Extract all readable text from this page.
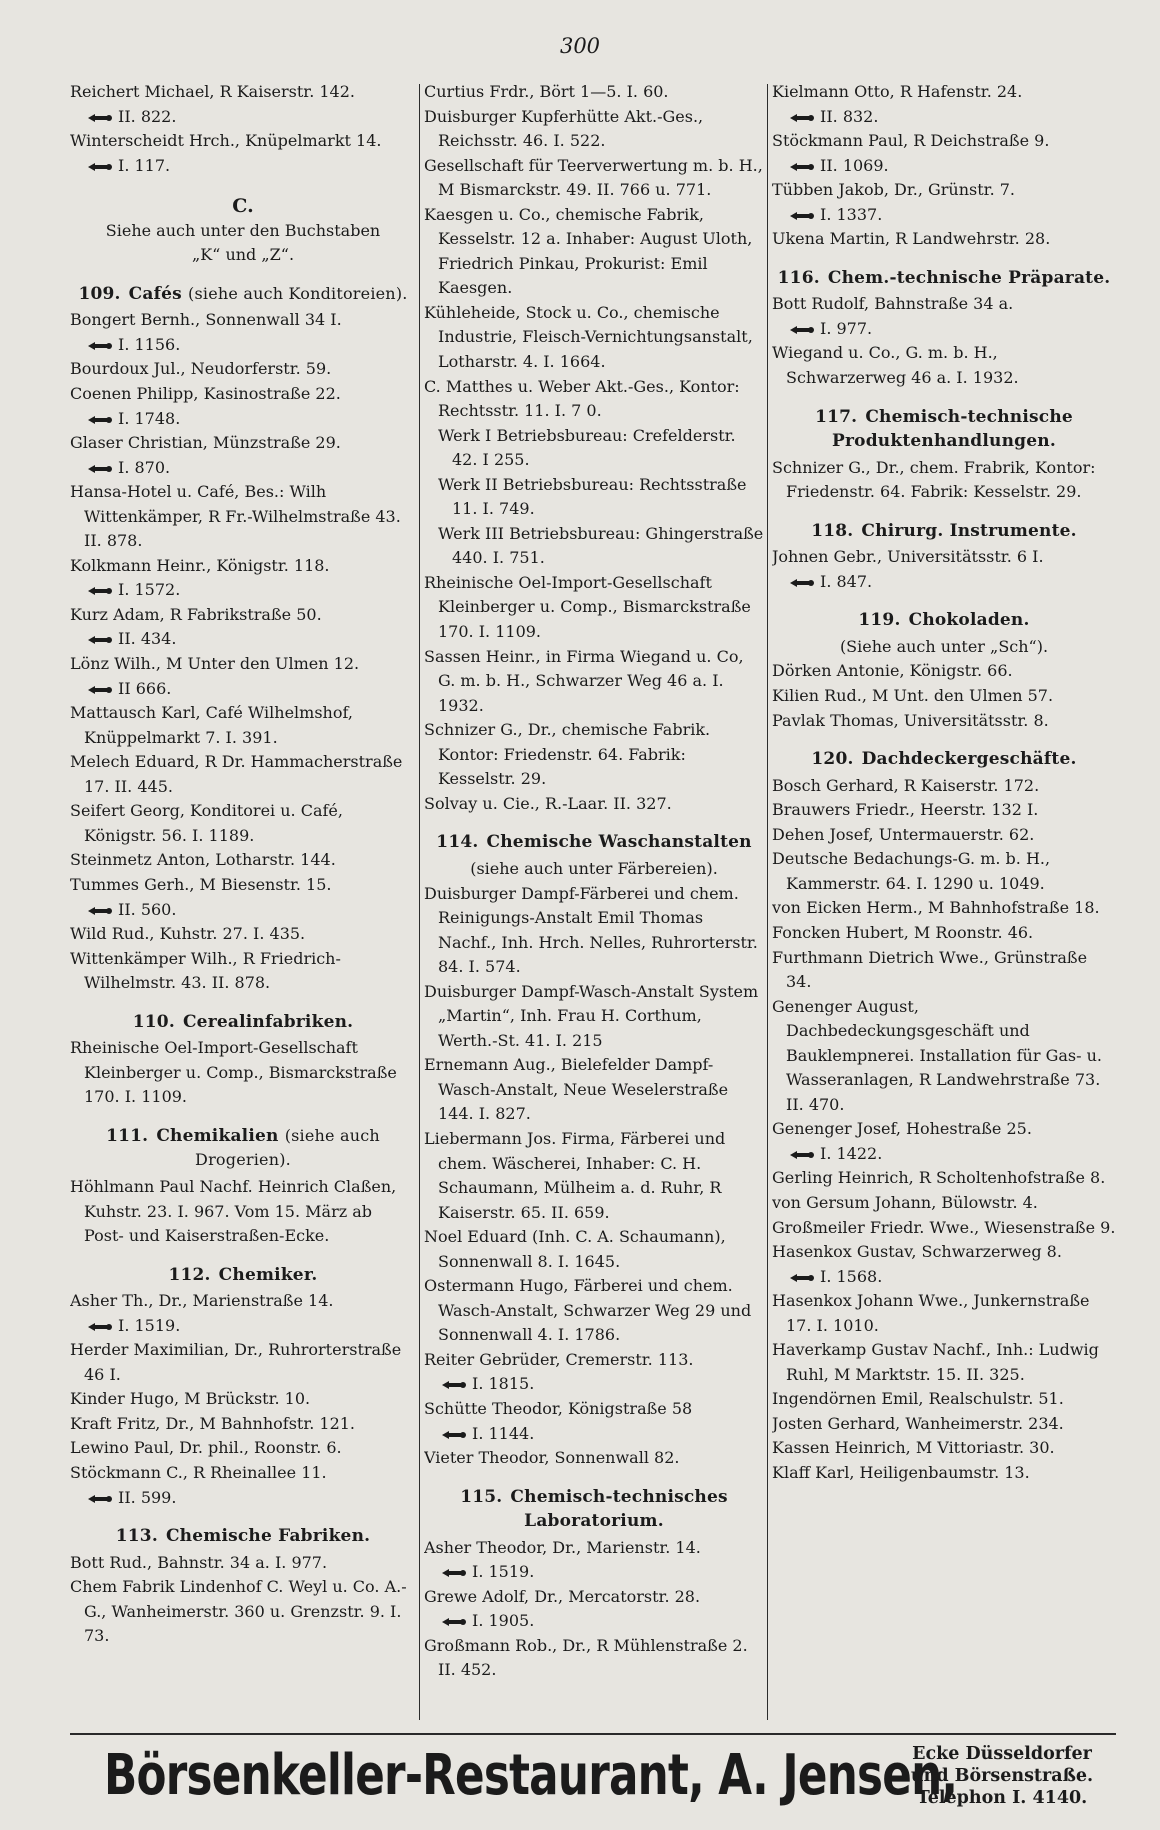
300

Reichert Michael, R Kaiserstr. 142.

II. 822.

Winterscheidt Hrch., Knüpelmarkt 14.

I. 117.

C.

Siehe auch unter den Buchstaben

„K“ und „Z“.

109. Cafés (siehe auch Konditoreien).

Bongert Bernh., Sonnenwall 34 I.

I. 1156.

Bourdoux Jul., Neudorferstr. 59.

Coenen Philipp, Kasinostraße 22.

I. 1748.

Glaser Christian, Münzstraße 29.

I. 870.

Hansa-Hotel u. Café, Bes.: Wilh Wittenkämper, R Fr.-Wilhelmstraße 43. II. 878.

Kolkmann Heinr., Königstr. 118.

I. 1572.

Kurz Adam, R Fabrikstraße 50.

II. 434.

Lönz Wilh., M Unter den Ulmen 12.

II 666.

Mattausch Karl, Café Wilhelmshof, Knüppelmarkt 7. I. 391.

Melech Eduard, R Dr. Hammacherstraße 17. II. 445.

Seifert Georg, Konditorei u. Café, Königstr. 56. I. 1189.

Steinmetz Anton, Lotharstr. 144.

Tummes Gerh., M Biesenstr. 15.

II. 560.

Wild Rud., Kuhstr. 27. I. 435.

Wittenkämper Wilh., R Friedrich-Wilhelmstr. 43. II. 878.

110. Cerealinfabriken.

Rheinische Oel-Import-Gesellschaft Kleinberger u. Comp., Bismarckstraße 170. I. 1109.

111. Chemikalien (siehe auch Drogerien).

Höhlmann Paul Nachf. Heinrich Claßen, Kuhstr. 23. I. 967. Vom 15. März ab Post- und Kaiserstraßen-Ecke.

112. Chemiker.

Asher Th., Dr., Marienstraße 14.

I. 1519.

Herder Maximilian, Dr., Ruhrorterstraße 46 I.

Kinder Hugo, M Brückstr. 10.

Kraft Fritz, Dr., M Bahnhofstr. 121.

Lewino Paul, Dr. phil., Roonstr. 6.

Stöckmann C., R Rheinallee 11.

II. 599.

113. Chemische Fabriken.

Bott Rud., Bahnstr. 34 a. I. 977.

Chem Fabrik Lindenhof C. Weyl u. Co. A.-G., Wanheimerstr. 360 u. Grenzstr. 9. I. 73.

Curtius Frdr., Bört 1—5. I. 60.

Duisburger Kupferhütte Akt.-Ges., Reichsstr. 46. I. 522.

Gesellschaft für Teerverwertung m. b. H., M Bismarckstr. 49. II. 766 u. 771.

Kaesgen u. Co., chemische Fabrik, Kesselstr. 12 a. Inhaber: August Uloth, Friedrich Pinkau, Prokurist: Emil Kaesgen.

Kühleheide, Stock u. Co., chemische Industrie, Fleisch-Vernichtungsanstalt, Lotharstr. 4. I. 1664.

C. Matthes u. Weber Akt.-Ges., Kontor: Rechtsstr. 11. I. 7 0.

Werk I Betriebsbureau: Crefelderstr. 42. I 255.

Werk II Betriebsbureau: Rechtsstraße 11. I. 749.

Werk III Betriebsbureau: Ghingerstraße 440. I. 751.

Rheinische Oel-Import-Gesellschaft Kleinberger u. Comp., Bismarckstraße 170. I. 1109.

Sassen Heinr., in Firma Wiegand u. Co, G. m. b. H., Schwarzer Weg 46 a. I. 1932.

Schnizer G., Dr., chemische Fabrik. Kontor: Friedenstr. 64. Fabrik: Kesselstr. 29.

Solvay u. Cie., R.-Laar. II. 327.

114. Chemische Waschanstalten

(siehe auch unter Färbereien).

Duisburger Dampf-Färberei und chem. Reinigungs-Anstalt Emil Thomas Nachf., Inh. Hrch. Nelles, Ruhrorterstr. 84. I. 574.

Duisburger Dampf-Wasch-Anstalt System „Martin“, Inh. Frau H. Corthum, Werth.-St. 41. I. 215

Ernemann Aug., Bielefelder Dampf-Wasch-Anstalt, Neue Weselerstraße 144. I. 827.

Liebermann Jos. Firma, Färberei und chem. Wäscherei, Inhaber: C. H. Schaumann, Mülheim a. d. Ruhr, R Kaiserstr. 65. II. 659.

Noel Eduard (Inh. C. A. Schaumann), Sonnenwall 8. I. 1645.

Ostermann Hugo, Färberei und chem. Wasch-Anstalt, Schwarzer Weg 29 und Sonnenwall 4. I. 1786.

Reiter Gebrüder, Cremerstr. 113.

I. 1815.

Schütte Theodor, Königstraße 58

I. 1144.

Vieter Theodor, Sonnenwall 82.

115. Chemisch-technisches Laboratorium.

Asher Theodor, Dr., Marienstr. 14.

I. 1519.

Grewe Adolf, Dr., Mercatorstr. 28.

I. 1905.

Großmann Rob., Dr., R Mühlenstraße 2. II. 452.

Kielmann Otto, R Hafenstr. 24.

II. 832.

Stöckmann Paul, R Deichstraße 9.

II. 1069.

Tübben Jakob, Dr., Grünstr. 7.

I. 1337.

Ukena Martin, R Landwehrstr. 28.

116. Chem.-technische Präparate.

Bott Rudolf, Bahnstraße 34 a.

I. 977.

Wiegand u. Co., G. m. b. H., Schwarzerweg 46 a. I. 1932.

117. Chemisch-technische Produktenhandlungen.

Schnizer G., Dr., chem. Frabrik, Kontor: Friedenstr. 64. Fabrik: Kesselstr. 29.

118. Chirurg. Instrumente.

Johnen Gebr., Universitätsstr. 6 I.

I. 847.

119. Chokoladen.

(Siehe auch unter „Sch“).

Dörken Antonie, Königstr. 66.

Kilien Rud., M Unt. den Ulmen 57.

Pavlak Thomas, Universitätsstr. 8.

120. Dachdeckergeschäfte.

Bosch Gerhard, R Kaiserstr. 172.

Brauwers Friedr., Heerstr. 132 I.

Dehen Josef, Untermauerstr. 62.

Deutsche Bedachungs-G. m. b. H., Kammerstr. 64. I. 1290 u. 1049.

von Eicken Herm., M Bahnhofstraße 18.

Foncken Hubert, M Roonstr. 46.

Furthmann Dietrich Wwe., Grünstraße 34.

Genenger August, Dachbedeckungsgeschäft und Bauklempnerei. Installation für Gas- u. Wasseranlagen, R Landwehrstraße 73. II. 470.

Genenger Josef, Hohestraße 25.

I. 1422.

Gerling Heinrich, R Scholtenhofstraße 8.

von Gersum Johann, Bülowstr. 4.

Großmeiler Friedr. Wwe., Wiesenstraße 9.

Hasenkox Gustav, Schwarzerweg 8.

I. 1568.

Hasenkox Johann Wwe., Junkernstraße 17. I. 1010.

Haverkamp Gustav Nachf., Inh.: Ludwig Ruhl, M Marktstr. 15. II. 325.

Ingendörnen Emil, Realschulstr. 51.

Josten Gerhard, Wanheimerstr. 234.

Kassen Heinrich, M Vittoriastr. 30.

Klaff Karl, Heiligenbaumstr. 13.

Börsenkeller-Restaurant, A. Jensen,
Ecke Düsseldorfer
und Börsenstraße.
Telephon I. 4140.
